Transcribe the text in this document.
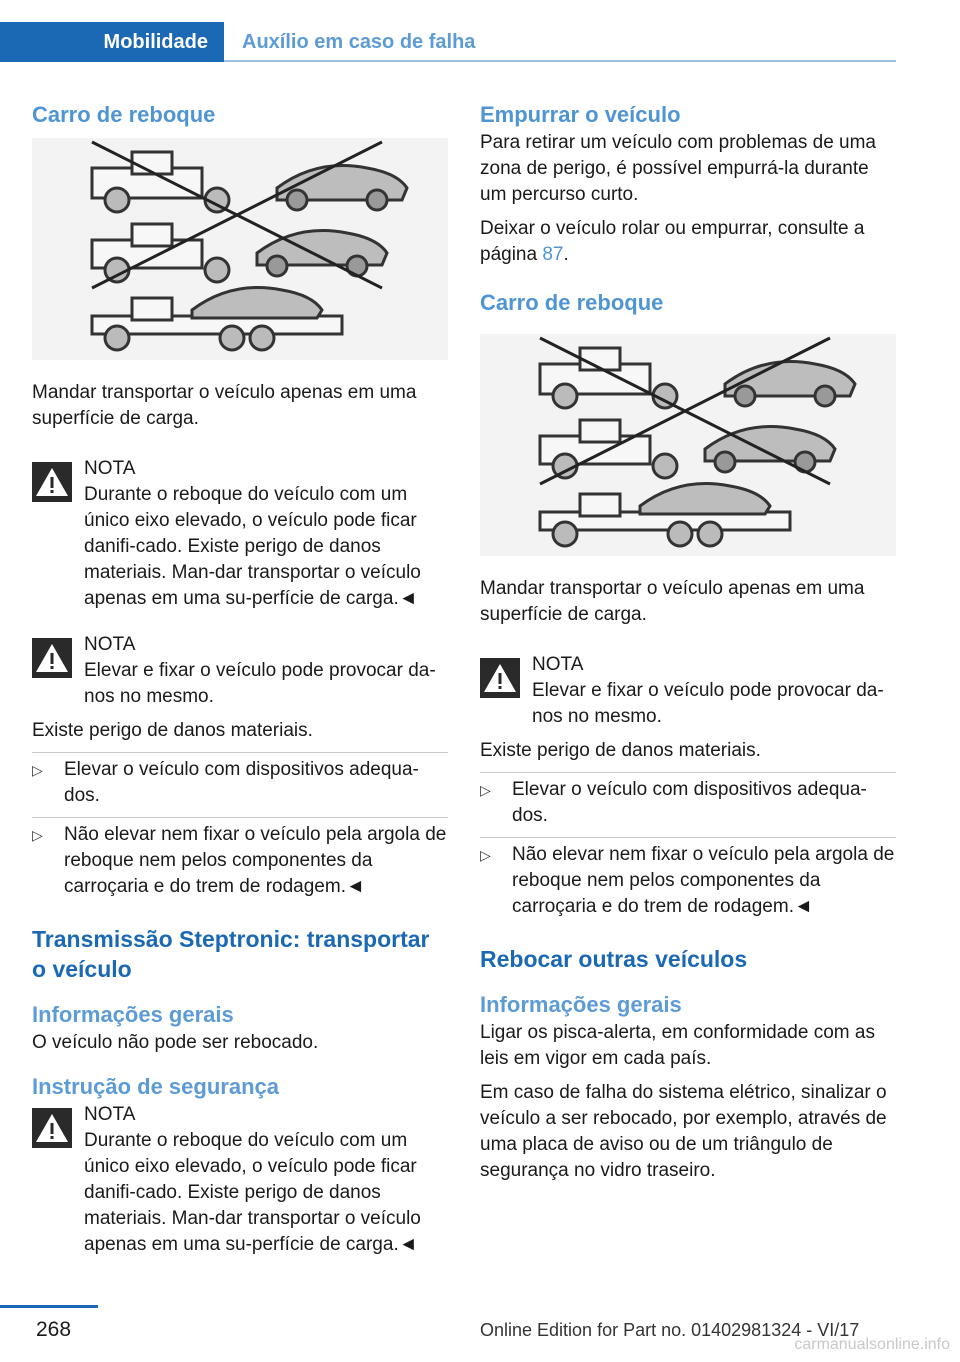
Mobilidade	Auxílio em caso de falha
Carro de reboque
Mandar transportar o veículo apenas em uma superfície de carga.
NOTA
Durante o reboque do veículo com um único eixo elevado, o veículo pode ficar danifi-cado. Existe perigo de danos materiais. Man-dar transportar o veículo apenas em uma su-perfície de carga.◄
NOTA
Elevar e fixar o veículo pode provocar da-nos no mesmo.
Existe perigo de danos materiais.
▷ Elevar o veículo com dispositivos adequa-dos.
▷ Não elevar nem fixar o veículo pela argola de reboque nem pelos componentes da carroçaria e do trem de rodagem.◄
Transmissão Steptronic: transportar o veículo
Informações gerais
O veículo não pode ser rebocado.
Instrução de segurança
NOTA
Durante o reboque do veículo com um único eixo elevado, o veículo pode ficar danifi-cado. Existe perigo de danos materiais. Man-dar transportar o veículo apenas em uma su-perfície de carga.◄
Empurrar o veículo
Para retirar um veículo com problemas de uma zona de perigo, é possível empurrá-la durante um percurso curto.
Deixar o veículo rolar ou empurrar, consulte a página 87.
Carro de reboque
Mandar transportar o veículo apenas em uma superfície de carga.
NOTA
Elevar e fixar o veículo pode provocar da-nos no mesmo.
Existe perigo de danos materiais.
▷ Elevar o veículo com dispositivos adequa-dos.
▷ Não elevar nem fixar o veículo pela argola de reboque nem pelos componentes da carroçaria e do trem de rodagem.◄
Rebocar outras veículos
Informações gerais
Ligar os pisca-alerta, em conformidade com as leis em vigor em cada país.
Em caso de falha do sistema elétrico, sinalizar o veículo a ser rebocado, por exemplo, através de uma placa de aviso ou de um triângulo de segurança no vidro traseiro.
268	Online Edition for Part no. 01402981324 - VI/17
carmanualsonline.info
